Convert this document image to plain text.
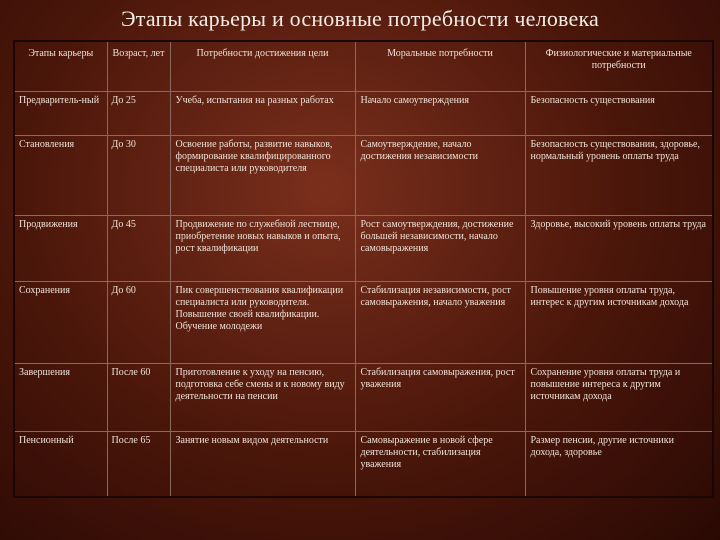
Этапы карьеры и основные потребности человека
Этапы карьеры	Возраст, лет	Потребности достижения цели	Моральные потребности	Физиологические и материальные потребности
Предваритель-ный	До 25	Учеба, испытания на разных работах	Начало самоутверждения	Безопасность существования
Становления	До 30	Освоение работы, развитие навыков, формирование квалифицированного специалиста или руководителя	Самоутверждение, начало достижения независимости	Безопасность существования, здоровье, нормальный уровень оплаты труда
Продвижения	До 45	Продвижение по служебной лестнице, приобретение новых навыков и опыта, рост квалификации	Рост самоутверждения, достижение большей независимости, начало самовыражения	Здоровье, высокий уровень оплаты труда
Сохранения	До 60	Пик совершенствования квалификации специалиста или руководителя. Повышение своей квалификации. Обучение молодежи	Стабилизация независимости, рост самовыражения, начало уважения	Повышение уровня оплаты труда, интерес к другим источникам дохода
Завершения	После 60	Приготовление к уходу на пенсию, подготовка себе смены и к новому виду деятельности на пенсии	Стабилизация самовыражения, рост уважения	Сохранение уровня оплаты труда и повышение интереса к другим источникам дохода
Пенсионный	После 65	Занятие новым видом деятельности	Самовыражение в новой сфере деятельности, стабилизация уважения	Размер пенсии, другие источники дохода, здоровье
